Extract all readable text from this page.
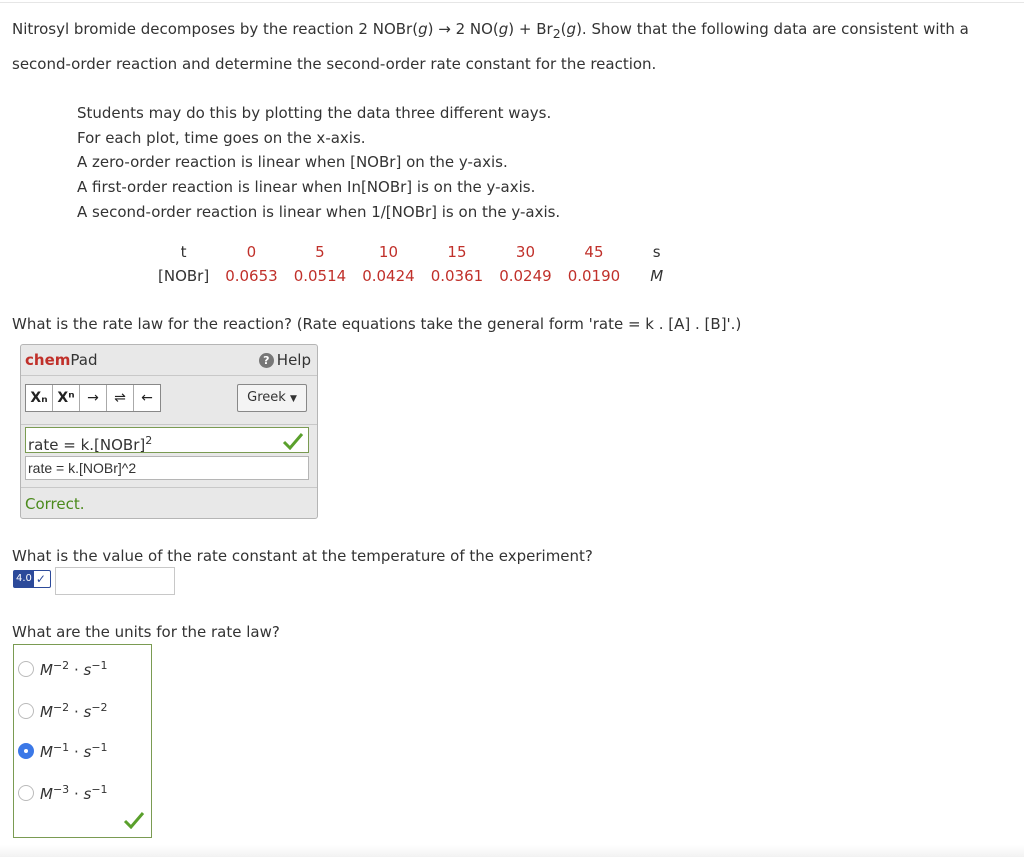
Nitrosyl bromide decomposes by the reaction 2 NOBr(g) → 2 $NO(g) + Br_2(g)$. Show that the following data are consistent with a second-order reaction and determine the second-order rate constant for the reaction.
Students may do this by plotting the data three different ways.
For each plot, time goes on the x-axis.
A zero-order reaction is linear when [NOBr] on the y-axis.
A first-order reaction is linear when In[NOBr] is on the y-axis.
A second-order reaction is linear when 1/[NOBr] is on the y-axis.
t	0	5	10	15	30	45	s
[NOBr]	0.0653	0.0514	0.0424	0.0361	0.0249	0.0190	M
What is the rate law for the reaction? (Rate equations take the general form 'rate = k . [A] . [B]'.)
chemPad	? Help
Xₙ Xⁿ →	⇌	←	Greek ▼
rate = k.[NOBr]$^2$
rate = k.[NOBr]^2
Correct.
What is the value of the rate constant at the temperature of the experiment?
4.0 ✓
What are the units for the rate law?
$M^{-2} \cdot s^{-1}$
$M^{-2} \cdot s^{-2}$
$M^{-1} \cdot s^{-1}$
$M^{-3} \cdot s^{-1}$
